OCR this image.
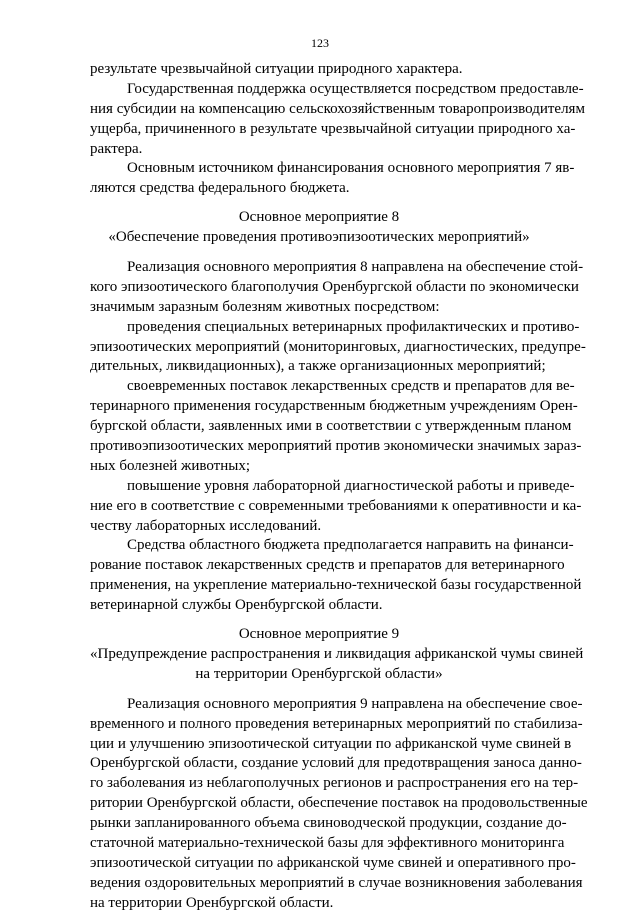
123
результате чрезвычайной ситуации природного характера.
Государственная поддержка осуществляется посредством предоставле-
ния субсидии на компенсацию сельскохозяйственным товаропроизводителям
ущерба, причиненного в результате чрезвычайной ситуации природного ха-
рактера.
Основным источником финансирования основного мероприятия 7 яв-
ляются средства федерального бюджета.
Основное мероприятие 8
«Обеспечение проведения противоэпизоотических мероприятий»
Реализация основного мероприятия 8 направлена на обеспечение стой-
кого эпизоотического благополучия Оренбургской области по экономически
значимым заразным болезням животных посредством:
проведения специальных ветеринарных профилактических и противо-
эпизоотических мероприятий (мониторинговых, диагностических, предупре-
дительных, ликвидационных), а также организационных мероприятий;
своевременных поставок лекарственных средств и препаратов для ве-
теринарного применения государственным бюджетным учреждениям Орен-
бургской области, заявленных ими в соответствии с утвержденным планом
противоэпизоотических мероприятий против экономически значимых зараз-
ных болезней животных;
повышение уровня лабораторной диагностической работы и приведе-
ние его в соответствие с современными требованиями к оперативности и ка-
честву лабораторных исследований.
Средства областного бюджета предполагается направить на финанси-
рование поставок лекарственных средств и препаратов для ветеринарного
применения, на укрепление материально-технической базы государственной
ветеринарной службы Оренбургской области.
Основное мероприятие 9
«Предупреждение распространения и ликвидация африканской чумы свиней
на территории Оренбургской области»
Реализация основного мероприятия 9 направлена на обеспечение свое-
временного и полного проведения ветеринарных мероприятий по стабилиза-
ции и улучшению эпизоотической ситуации по африканской чуме свиней в
Оренбургской области, создание условий для предотвращения заноса данно-
го заболевания из неблагополучных регионов и распространения его на тер-
ритории Оренбургской области, обеспечение поставок на продовольственные
рынки запланированного объема свиноводческой продукции, создание до-
статочной материально-технической базы для эффективного мониторинга
эпизоотической ситуации по африканской чуме свиней и оперативного про-
ведения оздоровительных мероприятий в случае возникновения заболевания
на территории Оренбургской области.
